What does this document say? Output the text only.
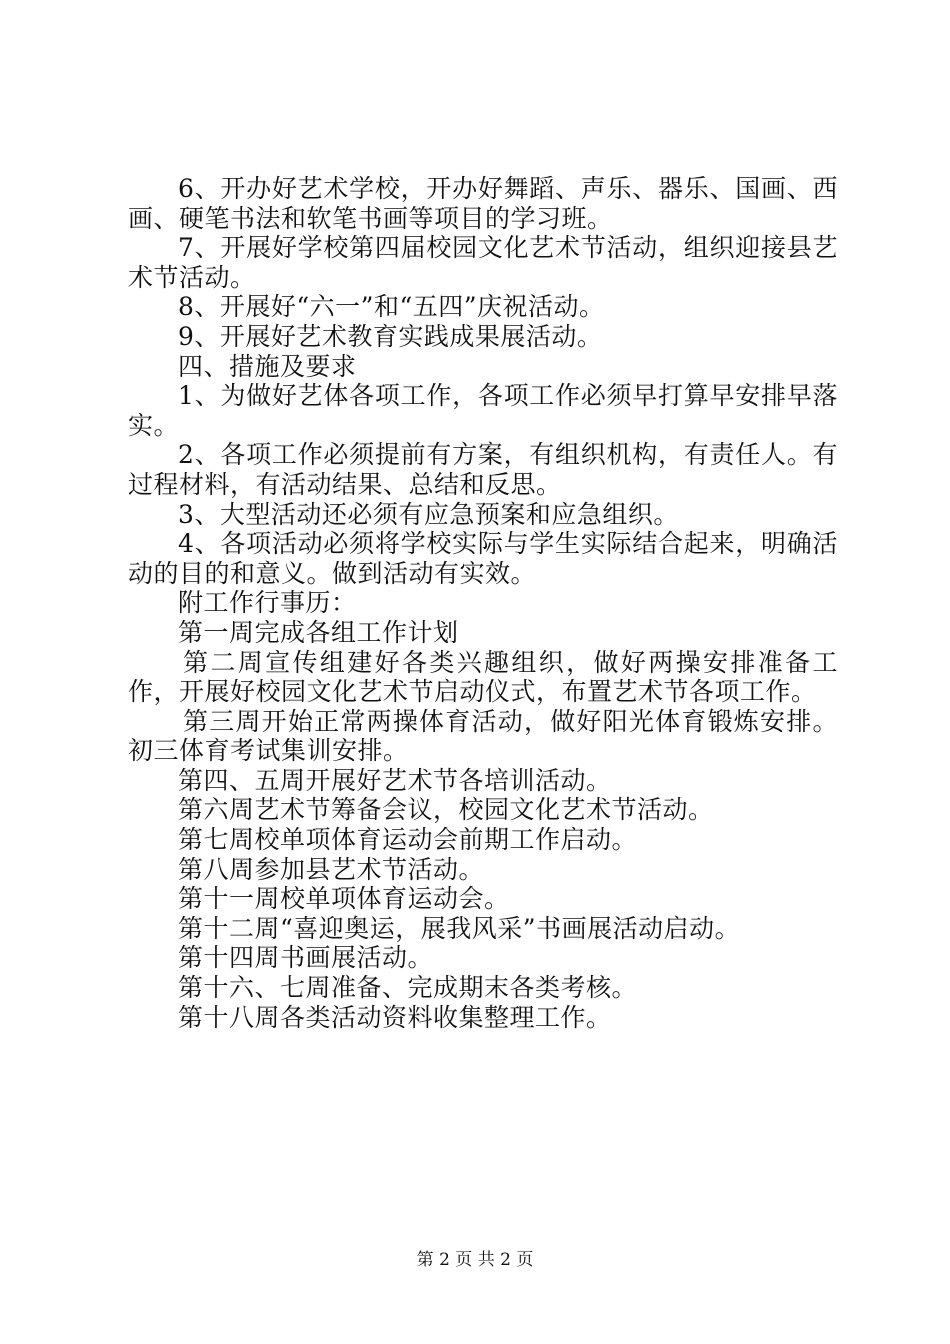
6、开办好艺术学校，开办好舞蹈、声乐、器乐、国画、西画、硬笔书法和软笔书画等项目的学习班。

7、开展好学校第四届校园文化艺术节活动，组织迎接县艺术节活动。

8、开展好“六一”和“五四”庆祝活动。

9、开展好艺术教育实践成果展活动。

四、措施及要求

1、为做好艺体各项工作，各项工作必须早打算早安排早落实。

2、各项工作必须提前有方案，有组织机构，有责任人。有过程材料，有活动结果、总结和反思。

3、大型活动还必须有应急预案和应急组织。

4、各项活动必须将学校实际与学生实际结合起来，明确活动的目的和意义。做到活动有实效。

附工作行事历：

第一周完成各组工作计划

第二周宣传组建好各类兴趣组织，做好两操安排准备工作，开展好校园文化艺术节启动仪式，布置艺术节各项工作。

第三周开始正常两操体育活动，做好阳光体育锻炼安排。初三体育考试集训安排。

第四、五周开展好艺术节各培训活动。

第六周艺术节筹备会议，校园文化艺术节活动。

第七周校单项体育运动会前期工作启动。

第八周参加县艺术节活动。

第十一周校单项体育运动会。

第十二周“喜迎奥运，展我风采”书画展活动启动。

第十四周书画展活动。

第十六、七周准备、完成期末各类考核。

第十八周各类活动资料收集整理工作。

第 2 页 共 2 页
